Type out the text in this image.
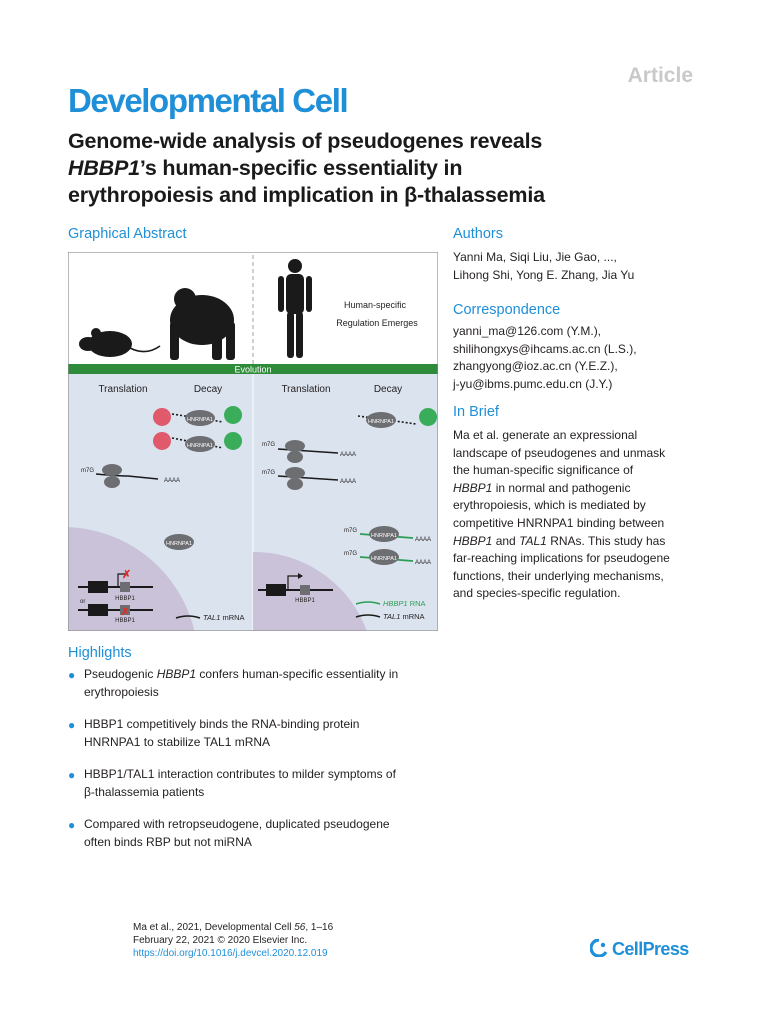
Article
Developmental Cell
Genome-wide analysis of pseudogenes reveals
HBBP1’s human-specific essentiality in
erythropoiesis and implication in β-thalassemia
Graphical Abstract
Human-specific
Regulation Emerges
Evolution
Translation	Decay	Translation	Decay
HNRNPA1
HNRNPA1
m7G
AAAA
HNRNPA1
✗
HBBP1
or
✗
HBBP1	TAL1 mRNA
HNRNPA1
m7G
AAAA
m7G
AAAA
HNRNPA1
m7G
AAAA
HNRNPA1
m7G
AAAA
HBBP1	HBBP1 RNA
TAL1 mRNA
Authors
Yanni Ma, Siqi Liu, Jie Gao, ...,
Lihong Shi, Yong E. Zhang, Jia Yu
Correspondence
yanni_ma@126.com (Y.M.),
shilihongxys@ihcams.ac.cn (L.S.),
zhangyong@ioz.ac.cn (Y.E.Z.),
j-yu@ibms.pumc.edu.cn (J.Y.)
In Brief
Ma et al. generate an expressional
landscape of pseudogenes and unmask
the human-specific significance of
HBBP1 in normal and pathogenic
erythropoiesis, which is mediated by
competitive HNRNPA1 binding between
HBBP1 and TAL1 RNAs. This study has
far-reaching implications for pseudogene
functions, their underlying mechanisms,
and species-specific regulation.
Highlights
● Pseudogenic HBBP1 confers human-specific essentiality in
erythropoiesis
● HBBP1 competitively binds the RNA-binding protein
HNRNPA1 to stabilize TAL1 mRNA
● HBBP1/TAL1 interaction contributes to milder symptoms of
β-thalassemia patients
● Compared with retropseudogene, duplicated pseudogene
often binds RBP but not miRNA
Ma et al., 2021, Developmental Cell 56, 1–16
February 22, 2021 © 2020 Elsevier Inc.
https://doi.org/10.1016/j.devcel.2020.12.019	CellPress
